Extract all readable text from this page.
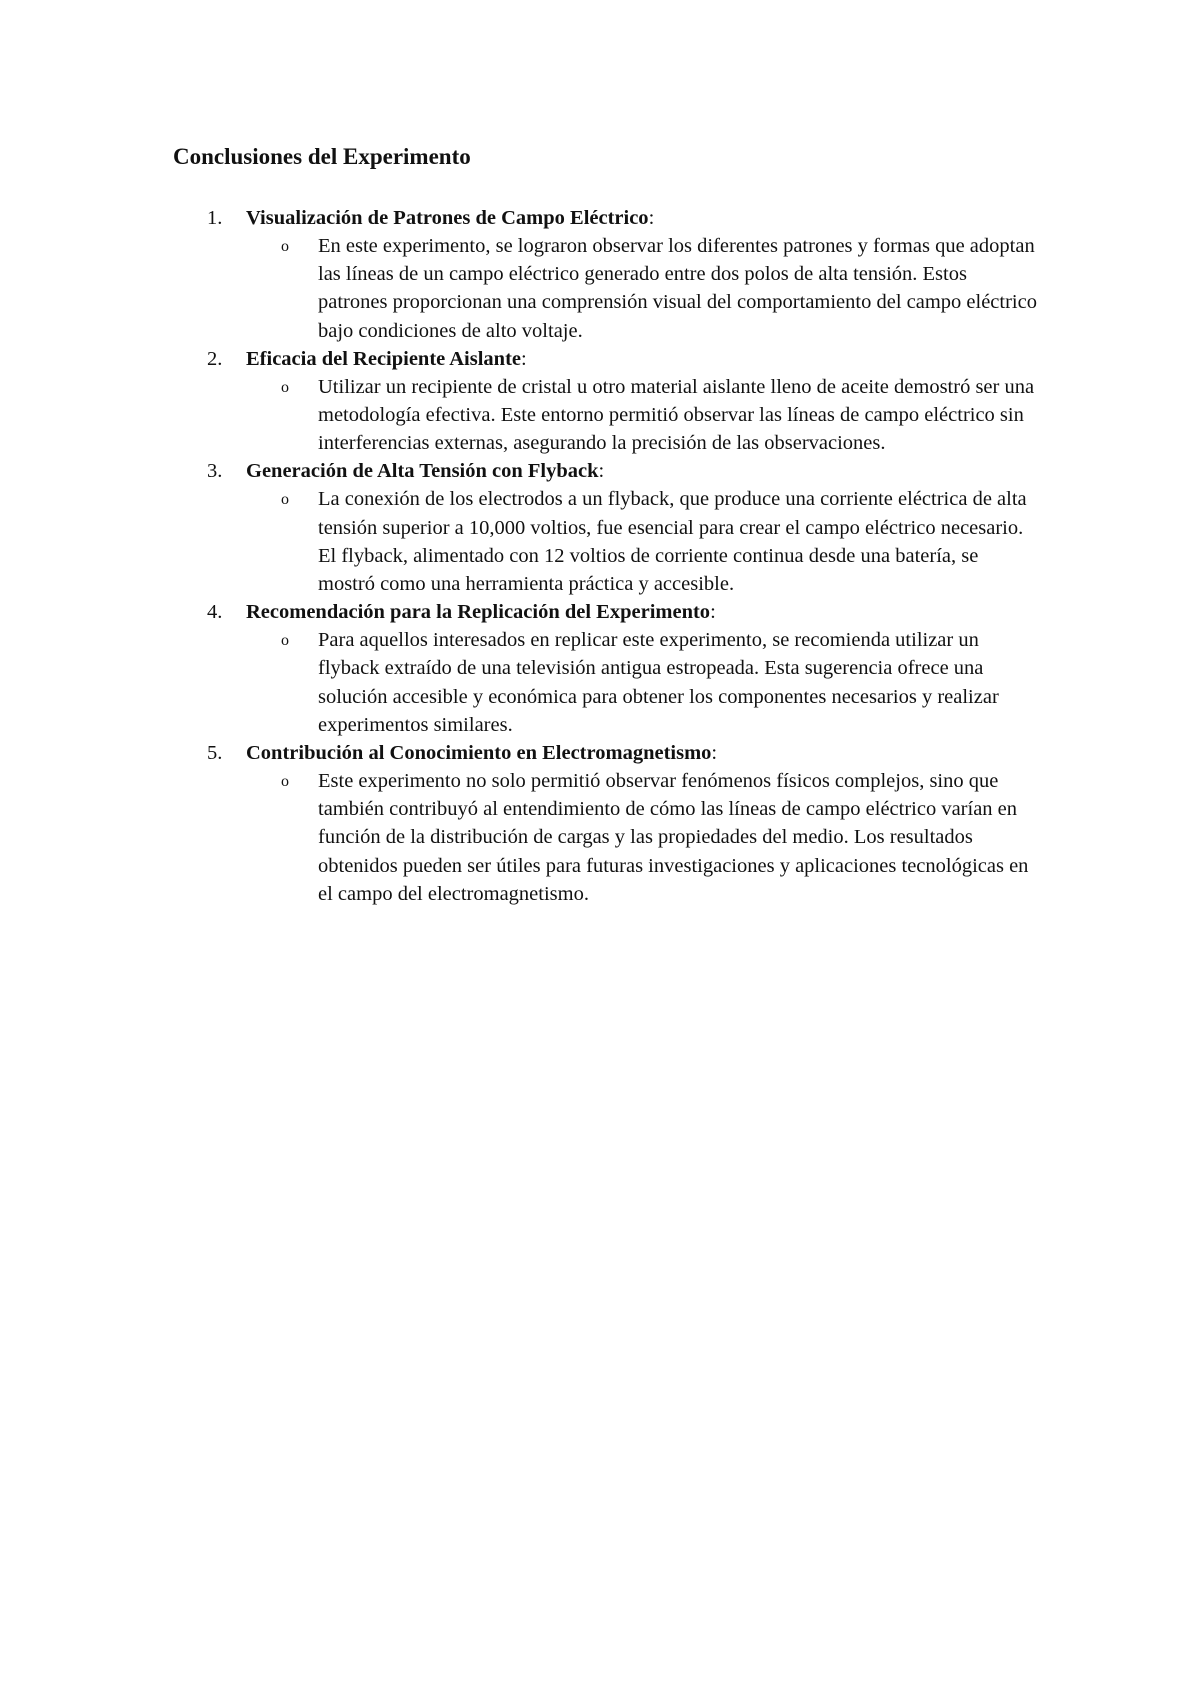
Conclusiones del Experimento
1. Visualización de Patrones de Campo Eléctrico:
o En este experimento, se lograron observar los diferentes patrones y formas que adoptan las líneas de un campo eléctrico generado entre dos polos de alta tensión. Estos patrones proporcionan una comprensión visual del comportamiento del campo eléctrico bajo condiciones de alto voltaje.

2. Eficacia del Recipiente Aislante:
o Utilizar un recipiente de cristal u otro material aislante lleno de aceite demostró ser una metodología efectiva. Este entorno permitió observar las líneas de campo eléctrico sin interferencias externas, asegurando la precisión de las observaciones.

3. Generación de Alta Tensión con Flyback:
o La conexión de los electrodos a un flyback, que produce una corriente eléctrica de alta tensión superior a 10,000 voltios, fue esencial para crear el campo eléctrico necesario. El flyback, alimentado con 12 voltios de corriente continua desde una batería, se mostró como una herramienta práctica y accesible.

4. Recomendación para la Replicación del Experimento:
o Para aquellos interesados en replicar este experimento, se recomienda utilizar un flyback extraído de una televisión antigua estropeada. Esta sugerencia ofrece una solución accesible y económica para obtener los componentes necesarios y realizar experimentos similares.

5. Contribución al Conocimiento en Electromagnetismo:
o Este experimento no solo permitió observar fenómenos físicos complejos, sino que también contribuyó al entendimiento de cómo las líneas de campo eléctrico varían en función de la distribución de cargas y las propiedades del medio. Los resultados obtenidos pueden ser útiles para futuras investigaciones y aplicaciones tecnológicas en el campo del electromagnetismo.
